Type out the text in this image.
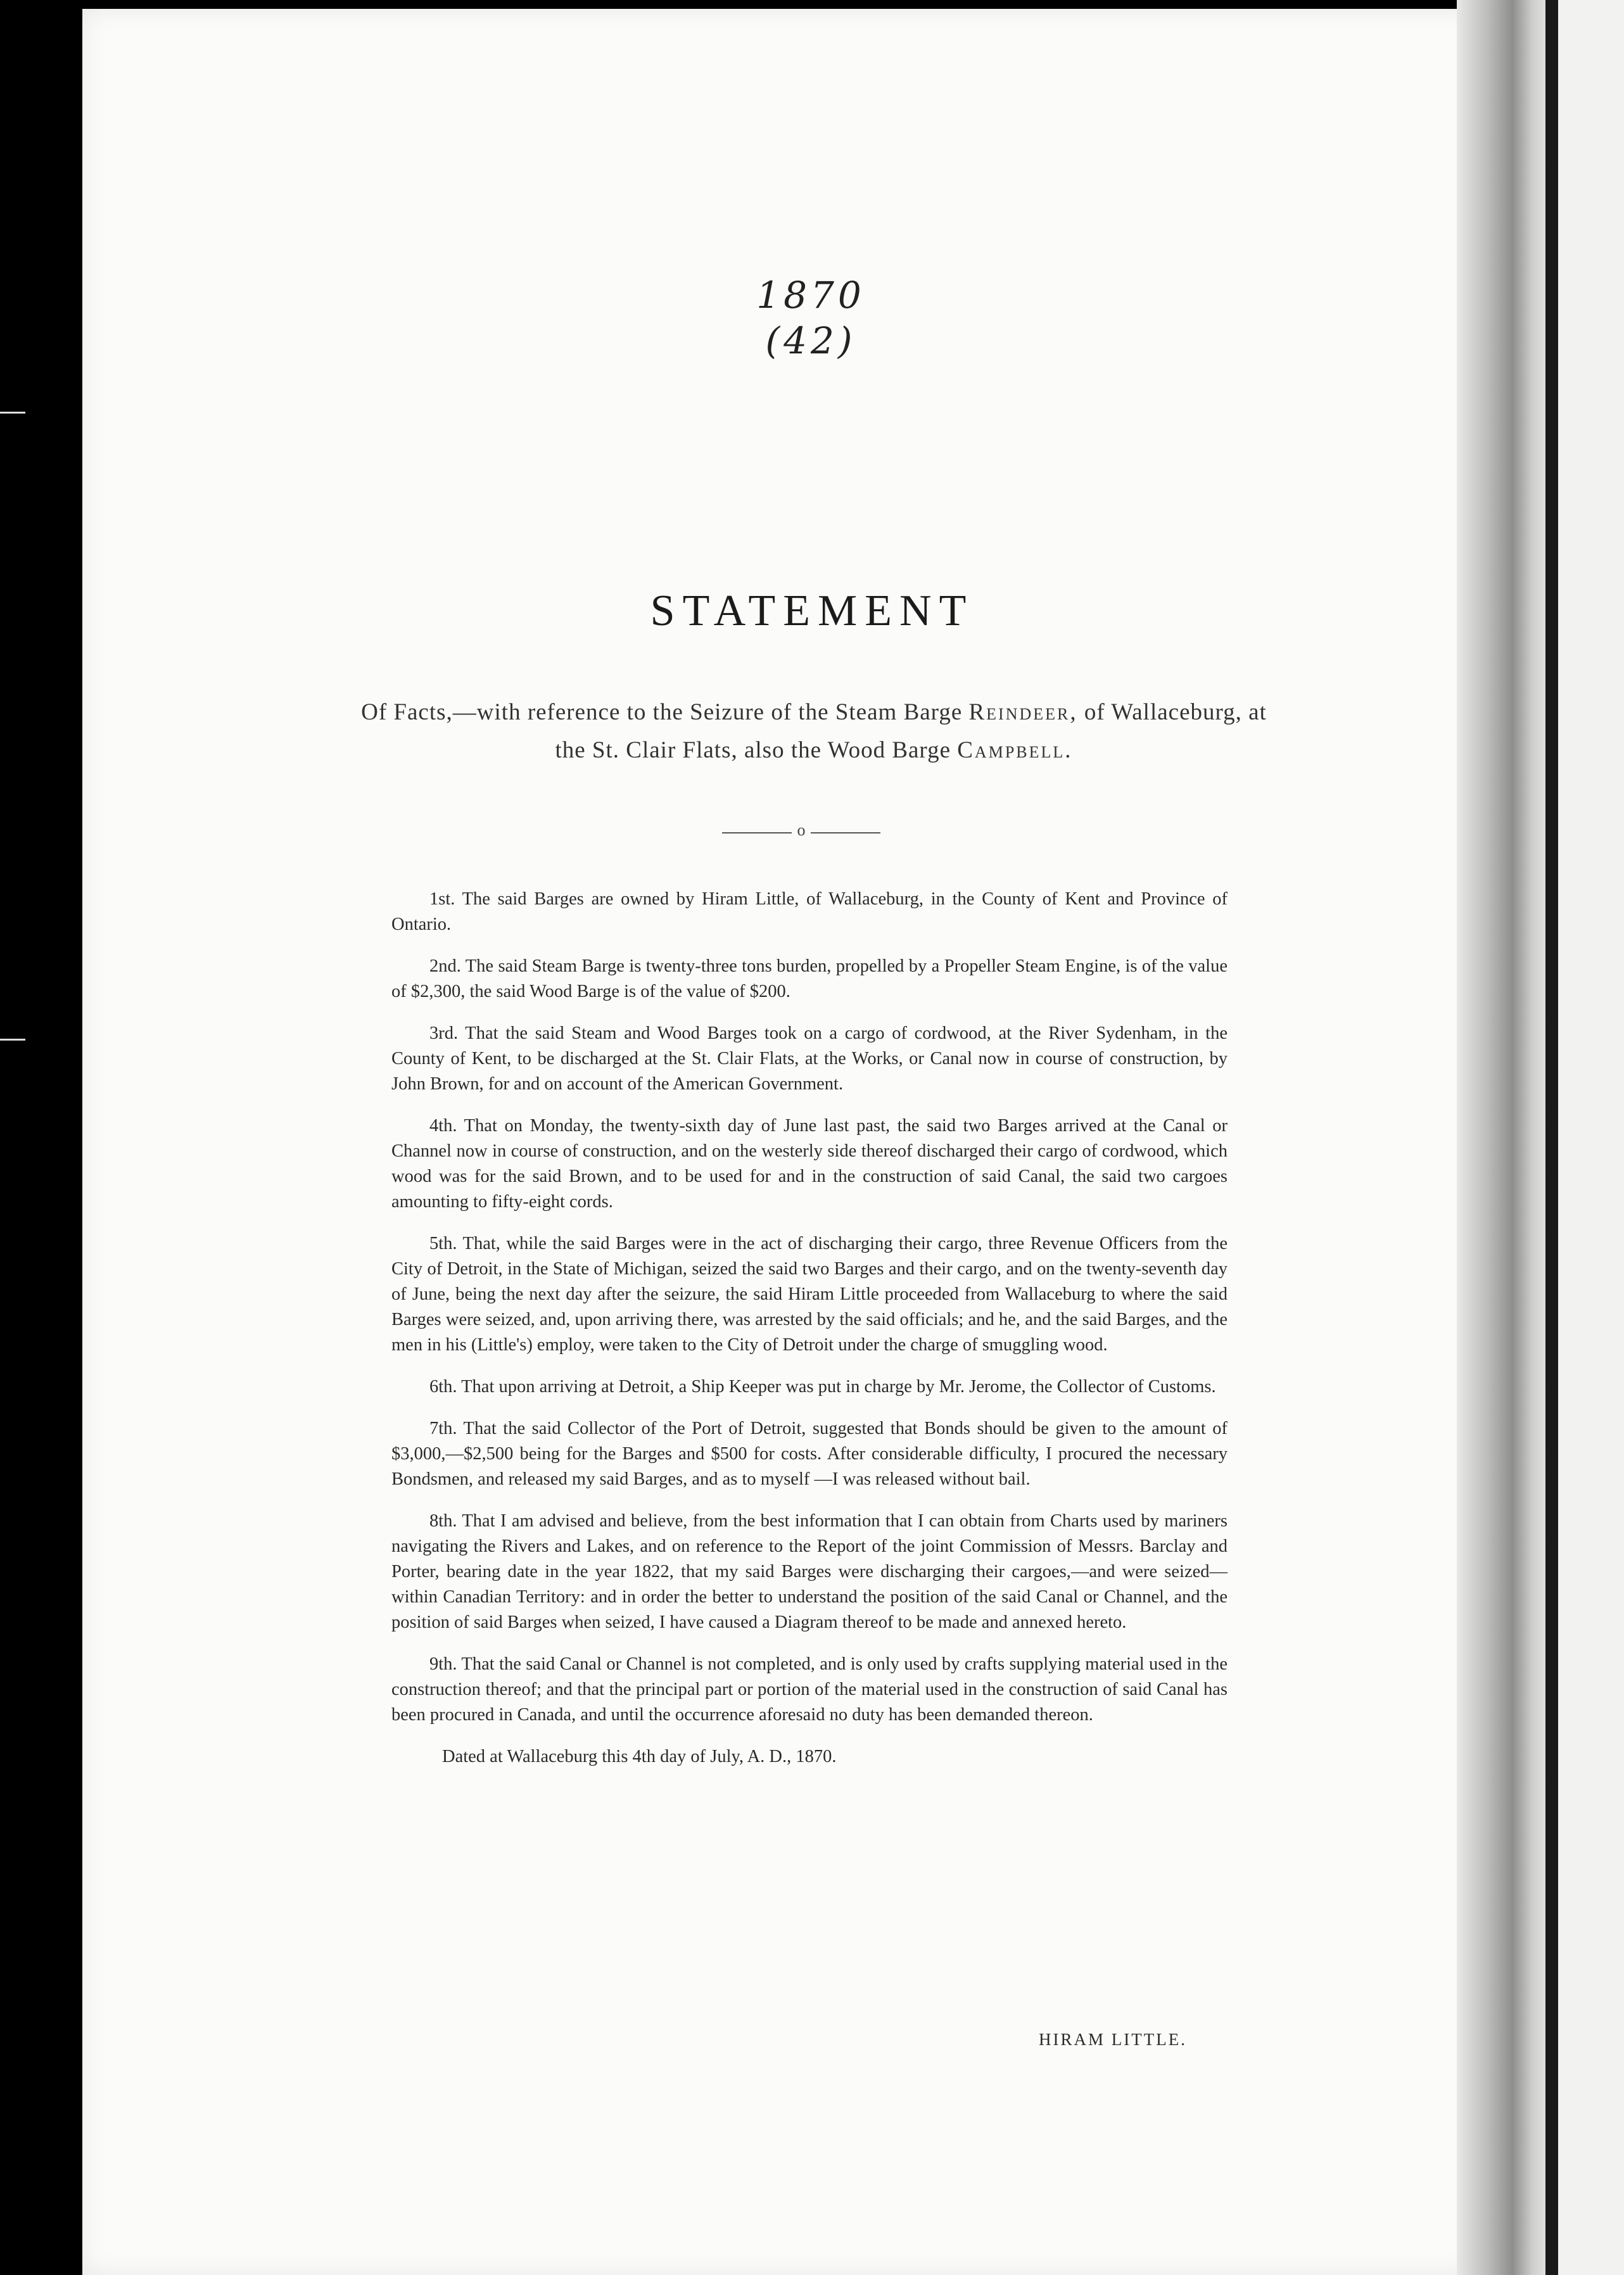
1870
(42)
STATEMENT
Of Facts,—with reference to the Seizure of the Steam Barge Reindeer, of Wallaceburg, at the St. Clair Flats, also the Wood Barge Campbell.
o

1st. The said Barges are owned by Hiram Little, of Wallaceburg, in the County of Kent and Province of Ontario.

2nd. The said Steam Barge is twenty-three tons burden, propelled by a Propeller Steam Engine, is of the value of $2,300, the said Wood Barge is of the value of $200.

3rd. That the said Steam and Wood Barges took on a cargo of cordwood, at the River Sydenham, in the County of Kent, to be discharged at the St. Clair Flats, at the Works, or Canal now in course of construction, by John Brown, for and on account of the American Government.

4th. That on Monday, the twenty-sixth day of June last past, the said two Barges arrived at the Canal or Channel now in course of construction, and on the westerly side thereof discharged their cargo of cordwood, which wood was for the said Brown, and to be used for and in the construction of said Canal, the said two cargoes amounting to fifty-eight cords.

5th. That, while the said Barges were in the act of discharging their cargo, three Revenue Officers from the City of Detroit, in the State of Michigan, seized the said two Barges and their cargo, and on the twenty-seventh day of June, being the next day after the seizure, the said Hiram Little proceeded from Wallaceburg to where the said Barges were seized, and, upon arriving there, was arrested by the said officials; and he, and the said Barges, and the men in his (Little's) employ, were taken to the City of Detroit under the charge of smuggling wood.

6th. That upon arriving at Detroit, a Ship Keeper was put in charge by Mr. Jerome, the Collector of Customs.

7th. That the said Collector of the Port of Detroit, suggested that Bonds should be given to the amount of $3,000,—$2,500 being for the Barges and $500 for costs. After considerable difficulty, I procured the necessary Bondsmen, and released my said Barges, and as to myself —I was released without bail.

8th. That I am advised and believe, from the best information that I can obtain from Charts used by mariners navigating the Rivers and Lakes, and on reference to the Report of the joint Commission of Messrs. Barclay and Porter, bearing date in the year 1822, that my said Barges were discharging their cargoes,—and were seized—within Canadian Territory: and in order the better to understand the position of the said Canal or Channel, and the position of said Barges when seized, I have caused a Diagram thereof to be made and annexed hereto.

9th. That the said Canal or Channel is not completed, and is only used by crafts supplying material used in the construction thereof; and that the principal part or portion of the material used in the construction of said Canal has been procured in Canada, and until the occurrence aforesaid no duty has been demanded thereon.

Dated at Wallaceburg this 4th day of July, A. D., 1870.

HIRAM LITTLE.
